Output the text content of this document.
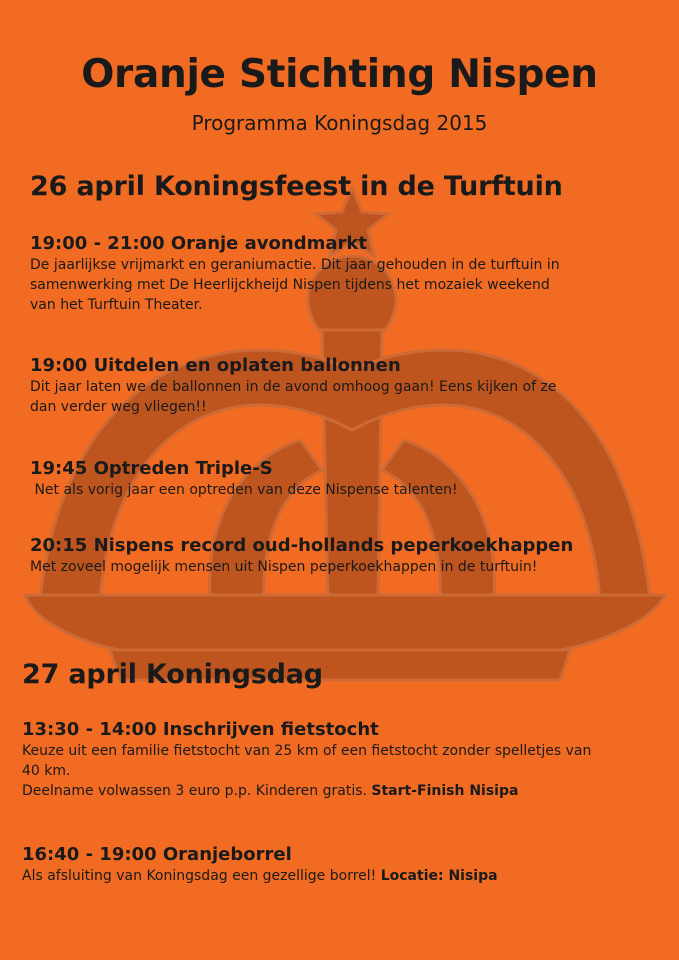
Oranje Stichting Nispen
Programma Koningsdag 2015
26 april Koningsfeest in de Turftuin
19:00 - 21:00 Oranje avondmarkt
De jaarlijkse vrijmarkt en geraniumactie. Dit jaar gehouden in de turftuin in
samenwerking met De Heerlijckheijd Nispen tijdens het mozaiek weekend
van het Turftuin Theater.
19:00 Uitdelen en oplaten ballonnen
Dit jaar laten we de ballonnen in de avond omhoog gaan! Eens kijken of ze
dan verder weg vliegen!!
19:45 Optreden Triple-S
Net als vorig jaar een optreden van deze Nispense talenten!
20:15 Nispens record oud-hollands peperkoekhappen
Met zoveel mogelijk mensen uit Nispen peperkoekhappen in de turftuin!
27 april Koningsdag
13:30 - 14:00 Inschrijven fietstocht
Keuze uit een familie fietstocht van 25 km of een fietstocht zonder spelletjes van
40 km.
Deelname volwassen 3 euro p.p. Kinderen gratis. Start-Finish Nisipa
16:40 - 19:00 Oranjeborrel
Als afsluiting van Koningsdag een gezellige borrel! Locatie: Nisipa
